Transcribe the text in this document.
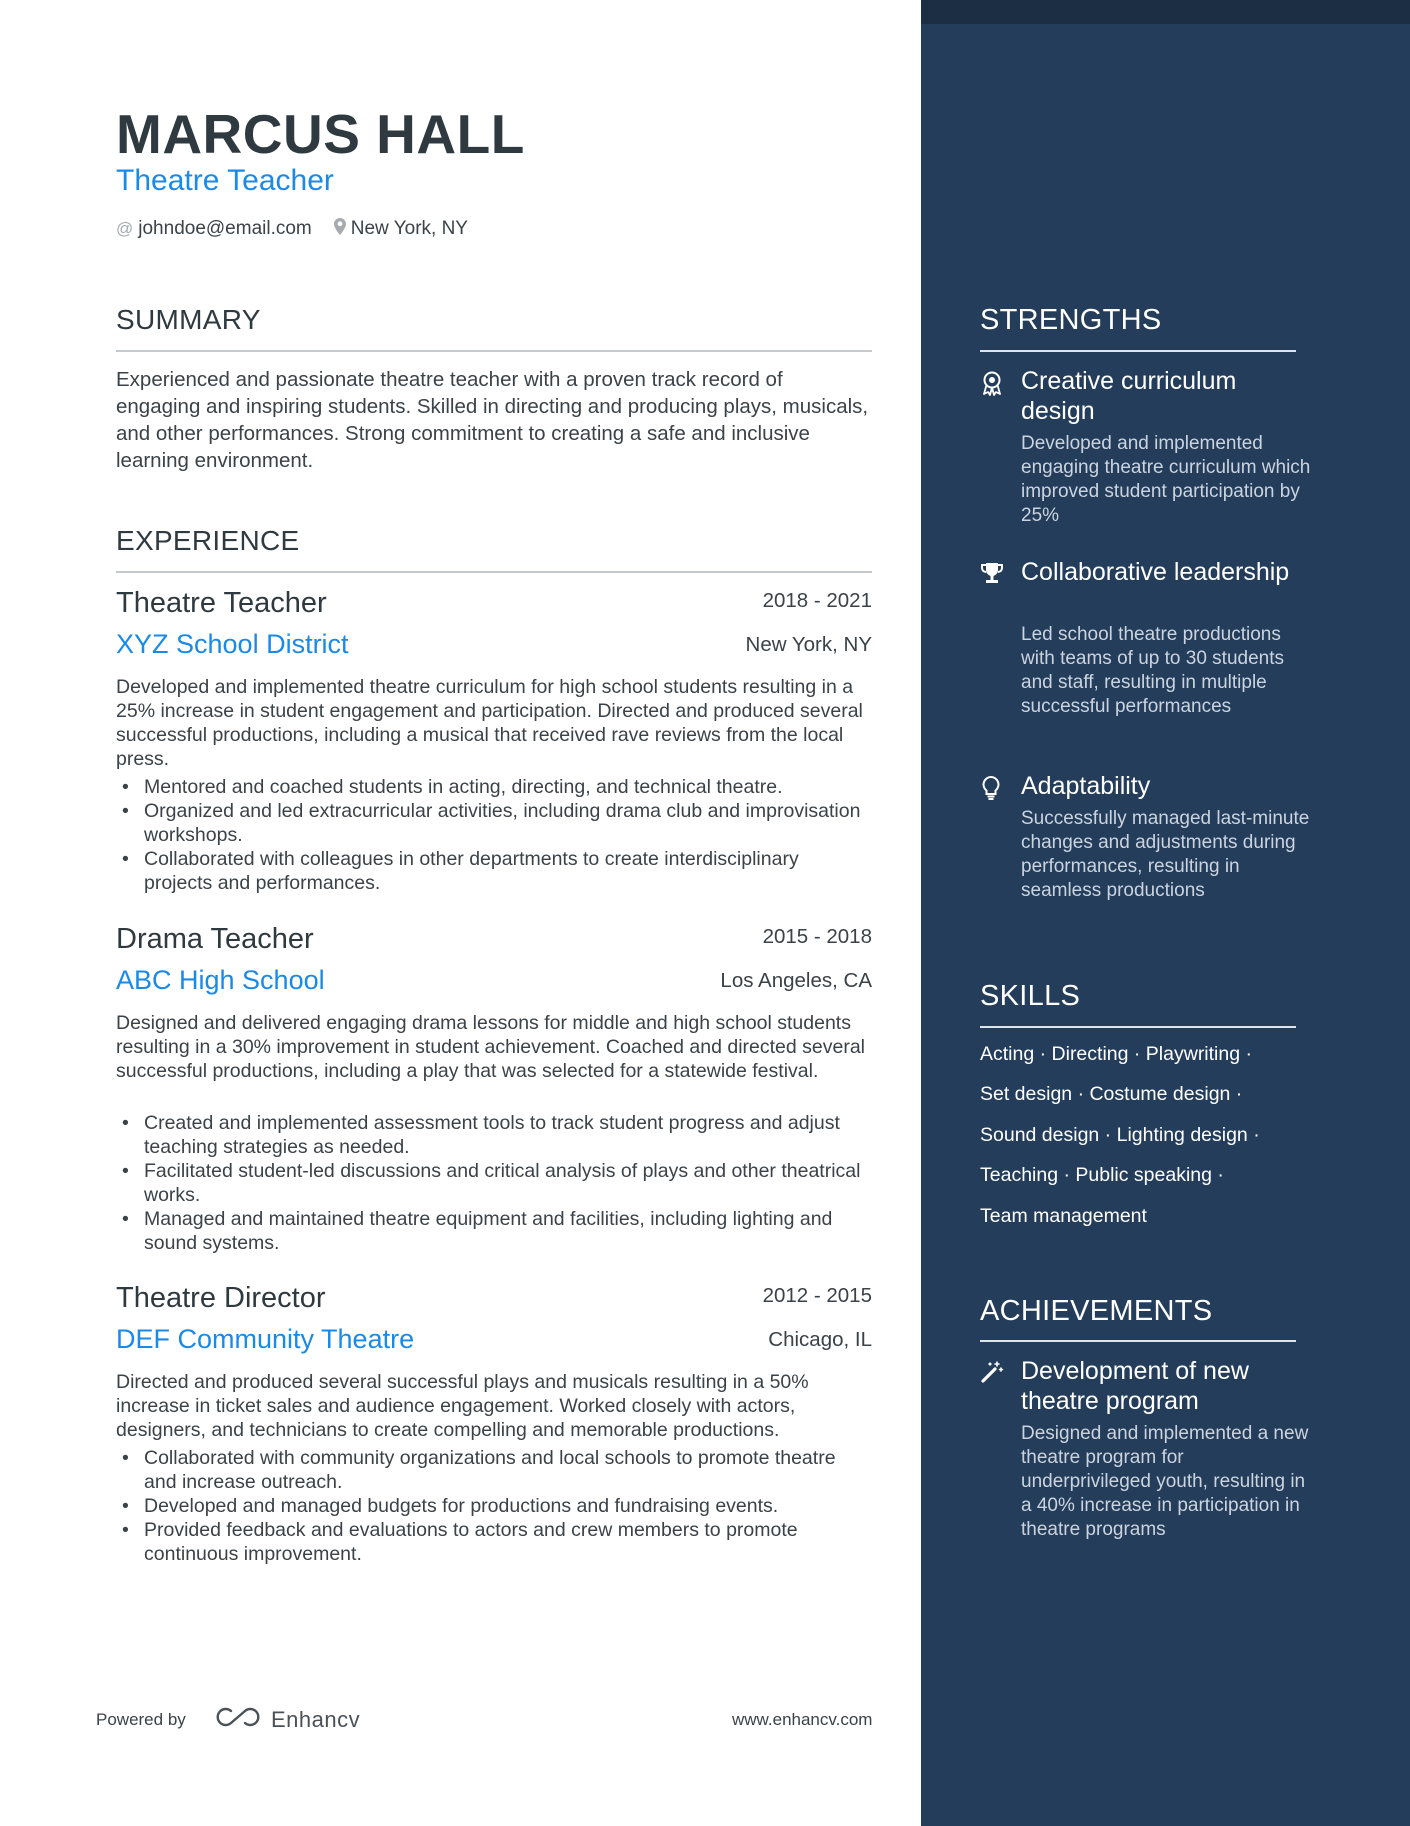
MARCUS HALL
Theatre Teacher
@ johndoe@email.com New York, NY
SUMMARY
Experienced and passionate theatre teacher with a proven track record of engaging and inspiring students. Skilled in directing and producing plays, musicals, and other performances. Strong commitment to creating a safe and inclusive learning environment.
EXPERIENCE
Theatre Teacher	2018 - 2021
XYZ School District	New York, NY
Developed and implemented theatre curriculum for high school students resulting in a 25% increase in student engagement and participation. Directed and produced several successful productions, including a musical that received rave reviews from the local press.
• Mentored and coached students in acting, directing, and technical theatre.
• Organized and led extracurricular activities, including drama club and improvisation workshops.
• Collaborated with colleagues in other departments to create interdisciplinary projects and performances.
Drama Teacher	2015 - 2018
ABC High School	Los Angeles, CA
Designed and delivered engaging drama lessons for middle and high school students resulting in a 30% improvement in student achievement. Coached and directed several successful productions, including a play that was selected for a statewide festival.
• Created and implemented assessment tools to track student progress and adjust teaching strategies as needed.
• Facilitated student-led discussions and critical analysis of plays and other theatrical works.
• Managed and maintained theatre equipment and facilities, including lighting and sound systems.
Theatre Director	2012 - 2015
DEF Community Theatre	Chicago, IL
Directed and produced several successful plays and musicals resulting in a 50% increase in ticket sales and audience engagement. Worked closely with actors, designers, and technicians to create compelling and memorable productions.
• Collaborated with community organizations and local schools to promote theatre and increase outreach.
• Developed and managed budgets for productions and fundraising events.
• Provided feedback and evaluations to actors and crew members to promote continuous improvement.
Powered by	Enhancv	www.enhancv.com
STRENGTHS
Creative curriculum design
Developed and implemented engaging theatre curriculum which improved student participation by 25%
Collaborative leadership
Led school theatre productions with teams of up to 30 students and staff, resulting in multiple successful performances
Adaptability
Successfully managed last-minute changes and adjustments during performances, resulting in seamless productions
SKILLS
Acting · Directing · Playwriting ·
Set design · Costume design ·
Sound design · Lighting design ·
Teaching · Public speaking ·
Team management
ACHIEVEMENTS
Development of new theatre program
Designed and implemented a new theatre program for underprivileged youth, resulting in a 40% increase in participation in theatre programs
